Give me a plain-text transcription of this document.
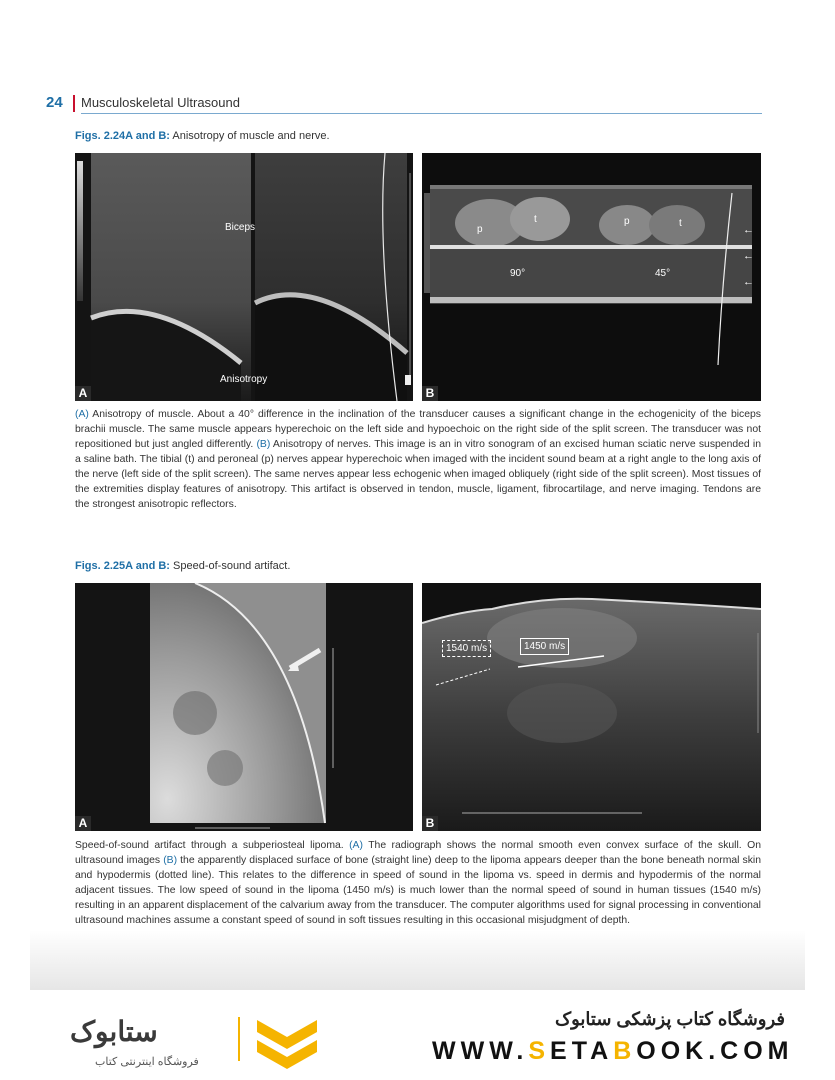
24 Musculoskeletal Ultrasound
Figs. 2.24A and B: Anisotropy of muscle and nerve.
Biceps
Anisotropy
A
p
t	p	t
90°	45°
←
←
←
B
(A) Anisotropy of muscle. About a 40° difference in the inclination of the transducer causes a significant change in the echogenicity of the biceps brachii muscle. The same muscle appears hyperechoic on the left side and hypoechoic on the right side of the split screen. The transducer was not repositioned but just angled differently. (B) Anisotropy of nerves. This image is an in vitro sonogram of an excised human sciatic nerve suspended in a saline bath. The tibial (t) and peroneal (p) nerves appear hyperechoic when imaged with the incident sound beam at a right angle to the long axis of the nerve (left side of the split screen). The same nerves appear less echogenic when imaged obliquely (right side of the split screen). Most tissues of the extremities display features of anisotropy. This artifact is observed in tendon, muscle, ligament, fibrocartilage, and nerve imaging. Tendons are the strongest anisotropic reflectors.
Figs. 2.25A and B: Speed-of-sound artifact.
A
1540 m/s	1450 m/s
B
Speed-of-sound artifact through a subperiosteal lipoma. (A) The radiograph shows the normal smooth even convex surface of the skull. On ultrasound images (B) the apparently displaced surface of bone (straight line) deep to the lipoma appears deeper than the bone beneath normal skin and hypodermis (dotted line). This relates to the difference in speed of sound in the lipoma vs. speed in dermis and hypodermis of the normal adjacent tissues. The low speed of sound in the lipoma (1450 m/s) is much lower than the normal speed of sound in human tissues (1540 m/s) resulting in an apparent displacement of the calvarium away from the transducer. The computer algorithms used for signal processing in conventional ultrasound machines assume a constant speed of sound in soft tissues resulting in this occasional misjudgment of depth.
ستابوک
فروشگاه اینترنتی کتاب
فروشگاه کتاب پزشکی ستابوک
WWW.SETABOOK.COM
